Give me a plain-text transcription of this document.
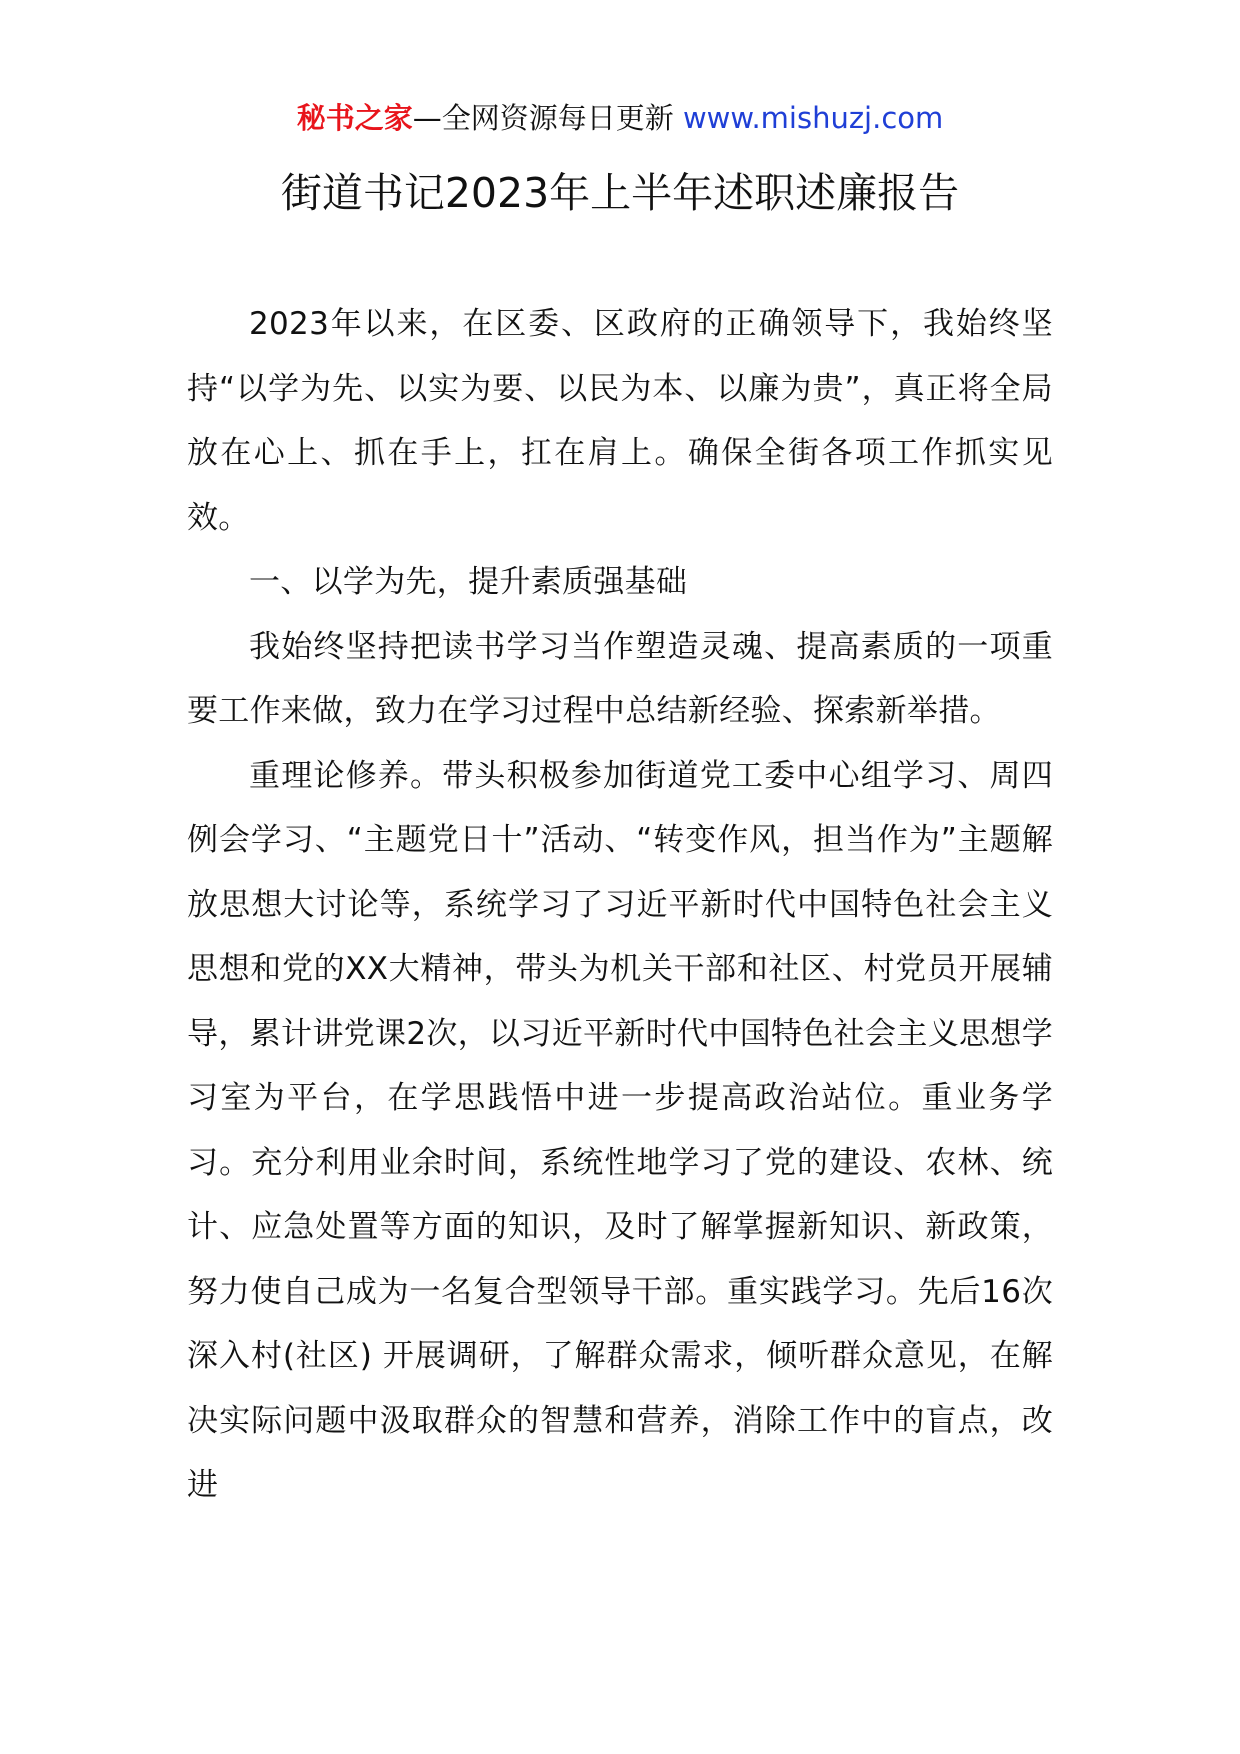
秘书之家—全网资源每日更新 www.mishuzj.com
街道书记2023年上半年述职述廉报告

2023年以来，在区委、区政府的正确领导下，我始终坚持“以学为先、以实为要、以民为本、以廉为贵”，真正将全局放在心上、抓在手上，扛在肩上。确保全街各项工作抓实见效。

一、以学为先，提升素质强基础

我始终坚持把读书学习当作塑造灵魂、提高素质的一项重要工作来做，致力在学习过程中总结新经验、探索新举措。

重理论修养。带头积极参加街道党工委中心组学习、周四例会学习、“主题党日十”活动、“转变作风，担当作为”主题解放思想大讨论等，系统学习了习近平新时代中国特色社会主义思想和党的XX大精神，带头为机关干部和社区、村党员开展辅导，累计讲党课2次，以习近平新时代中国特色社会主义思想学习室为平台，在学思践悟中进一步提高政治站位。重业务学习。充分利用业余时间，系统性地学习了党的建设、农林、统计、应急处置等方面的知识，及时了解掌握新知识、新政策，努力使自己成为一名复合型领导干部。重实践学习。先后16次深入村(社区) 开展调研，了解群众需求，倾听群众意见，在解决实际问题中汲取群众的智慧和营养，消除工作中的盲点，改进
